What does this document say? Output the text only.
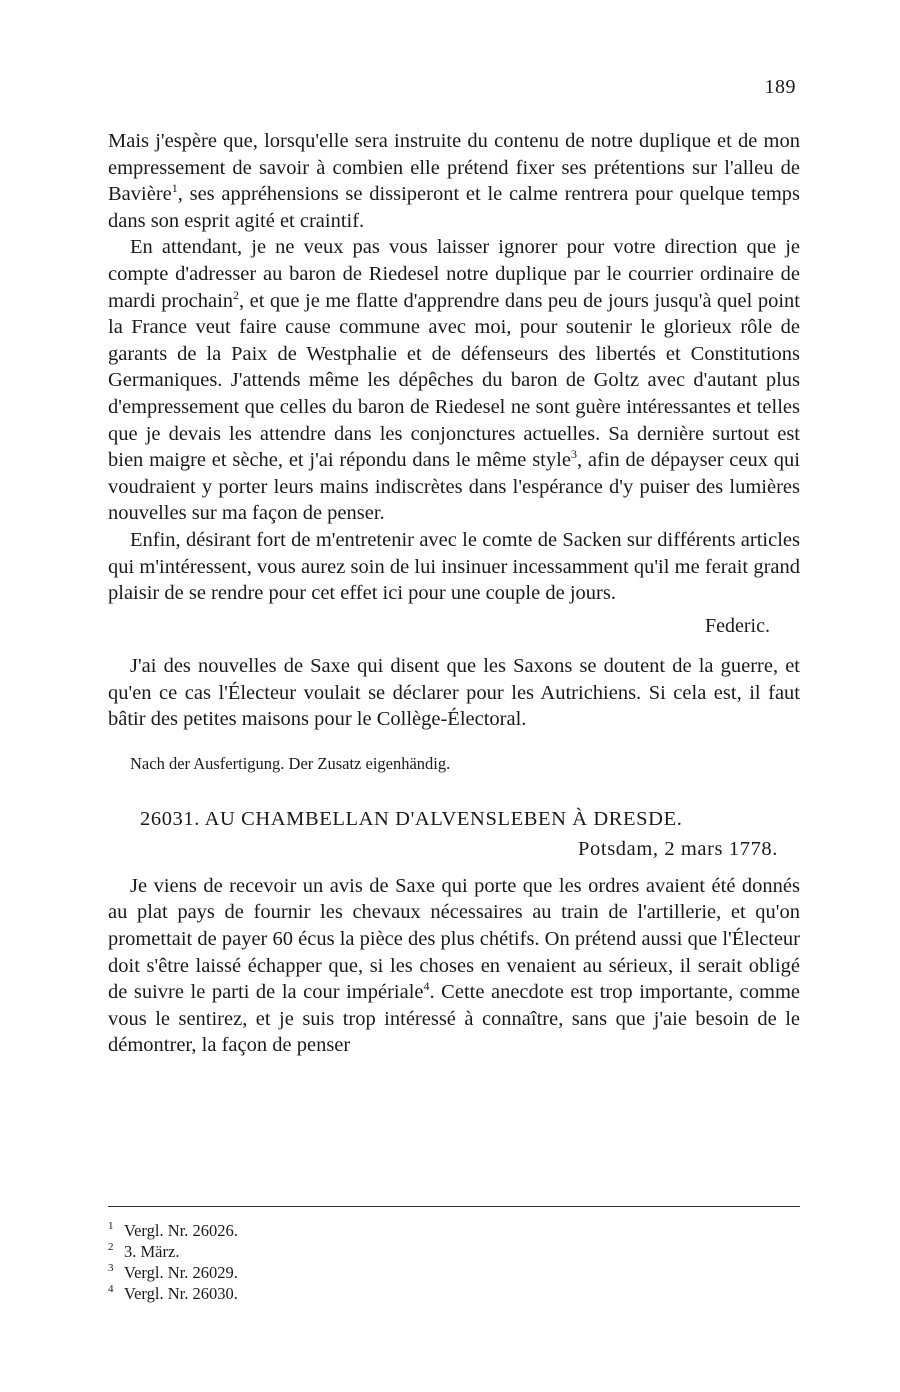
189

Mais j'espère que, lorsqu'elle sera instruite du contenu de notre duplique et de mon empressement de savoir à combien elle prétend fixer ses prétentions sur l'alleu de Bavière$^1$, ses appréhensions se dissiperont et le calme rentrera pour quelque temps dans son esprit agité et craintif.

En attendant, je ne veux pas vous laisser ignorer pour votre direction que je compte d'adresser au baron de Riedesel notre duplique par le courrier ordinaire de mardi prochain$^2$, et que je me flatte d'apprendre dans peu de jours jusqu'à quel point la France veut faire cause commune avec moi, pour soutenir le glorieux rôle de garants de la Paix de Westphalie et de défenseurs des libertés et Constitutions Germaniques. J'attends même les dépêches du baron de Goltz avec d'autant plus d'empressement que celles du baron de Riedesel ne sont guère intéressantes et telles que je devais les attendre dans les conjonctures actuelles. Sa dernière surtout est bien maigre et sèche, et j'ai répondu dans le même style$^3$, afin de dépayser ceux qui voudraient y porter leurs mains indiscrètes dans l'espérance d'y puiser des lumières nouvelles sur ma façon de penser.

Enfin, désirant fort de m'entretenir avec le comte de Sacken sur différents articles qui m'intéressent, vous aurez soin de lui insinuer incessamment qu'il me ferait grand plaisir de se rendre pour cet effet ici pour une couple de jours.

Federic.

J'ai des nouvelles de Saxe qui disent que les Saxons se doutent de la guerre, et qu'en ce cas l'Électeur voulait se déclarer pour les Autrichiens. Si cela est, il faut bâtir des petites maisons pour le Collège-Électoral.

Nach der Ausfertigung. Der Zusatz eigenhändig.
26031. AU CHAMBELLAN D'ALVENSLEBEN À DRESDE.
Potsdam, 2 mars 1778.

Je viens de recevoir un avis de Saxe qui porte que les ordres avaient été donnés au plat pays de fournir les chevaux nécessaires au train de l'artillerie, et qu'on promettait de payer 60 écus la pièce des plus chétifs. On prétend aussi que l'Électeur doit s'être laissé échapper que, si les choses en venaient au sérieux, il serait obligé de suivre le parti de la cour impériale$^4$. Cette anecdote est trop importante, comme vous le sentirez, et je suis trop intéressé à connaître, sans que j'aie besoin de le démontrer, la façon de penser

1 Vergl. Nr. 26026.
2 3. März.
3 Vergl. Nr. 26029.
4 Vergl. Nr. 26030.
